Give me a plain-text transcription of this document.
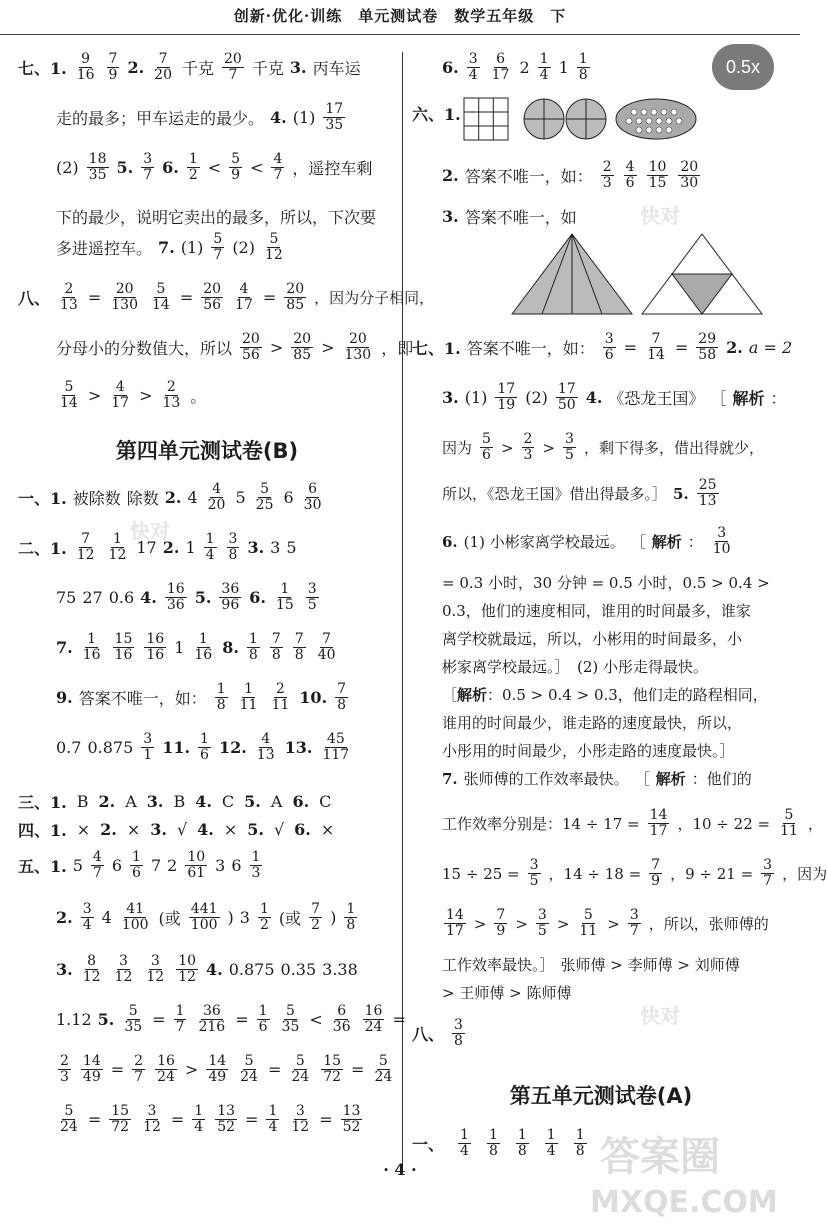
创新·优化·训练　单元测试卷　数学五年级　下
0.5x
快对
快对
快对
答案圈
MXQE.COM
七、1. $\frac{9}{16} \frac{7}{9} 2$. $\frac{7}{20}$ 千克 $\frac{20}{7}$ 千克 3. 丙车运
走的最多；甲车运走的最少。 4. $(1) \frac{17}{35}$
$(2) \frac{18}{35} 5$. $\frac{3}{7} 6$. $\frac{1}{2} < \frac{5}{9} < \frac{4}{7}$ ，遥控车剩
下的最少，说明它卖出的最多，所以，下次要
多进遥控车。 7. $(1) \frac{5}{7} (2) \frac{5}{12}$
八、 $\frac{2}{13} = \frac{20}{130} \frac{5}{14} = \frac{20}{56} \frac{4}{17} = \frac{20}{85}$ ，因为分子相同，
分母小的分数值大，所以 $\frac{20}{56} > \frac{20}{85} > \frac{20}{130}$ ，即
$\frac{5}{14} > \frac{4}{17} > \frac{2}{13}$ 。
第四单元测试卷(B)
一、1. 被除数 除数 2. $4 \frac{4}{20} 5 \frac{5}{25} 6 \frac{6}{30}$
二、1. $\frac{7}{12} \frac{1}{12} 17$ 2. $1 \frac{1}{4} \frac{3}{8} 3$. 3 5
75 27 0.6 4. $\frac{16}{36} 5$. $\frac{36}{96} 6$. $\frac{1}{15} \frac{3}{5}$
7. $\frac{1}{16} \frac{15}{16} \frac{16}{16} 1 \frac{1}{16} 8$. $\frac{1}{8} \frac{7}{8} \frac{7}{8} \frac{7}{40}$
9. 答案不唯一，如： $\frac{1}{8} \frac{1}{11} \frac{2}{11} 10$. $\frac{7}{8}$
0.7 $0.875 \frac{3}{1} 11$. $\frac{1}{6} 12$. $\frac{4}{13} 13$. $\frac{45}{117}$
三、1. B 2. A 3. B 4. C 5. A 6. C
四、1. × 2. × 3. √ 4. × 5. √ 6. ×
五、1. $5 \frac{4}{7} 6 \frac{1}{6} 7$ $2 \frac{10}{61} 3$ $6 \frac{1}{3}$
2. $\frac{3}{4} 4 \frac{41}{100}$ (或 $\frac{441}{100}$ ) $3 \frac{1}{2}$ (或 $\frac{7}{2}$ ) $\frac{1}{8}$
3. $\frac{8}{12} \frac{3}{12} \frac{3}{12} \frac{10}{12} 4$. 0.875 0.35 3.38
1.12 5. $\frac{5}{35} = \frac{1}{7} \frac{36}{216} = \frac{1}{6} \frac{5}{35} < \frac{6}{36} \frac{16}{24}$ =
$\frac{2}{3} \frac{14}{49} = \frac{2}{7} \frac{16}{24} > \frac{14}{49} \frac{5}{24} = \frac{5}{24} \frac{15}{72} = \frac{5}{24}$
$\frac{5}{24} = \frac{15}{72} \frac{3}{12} = \frac{1}{4} \frac{13}{52} = \frac{1}{4} \frac{3}{12} = \frac{13}{52}$
6. $\frac{3}{4} \frac{6}{17} 2 \frac{1}{4} 1 \frac{1}{8}$
六、1.
2. 答案不唯一，如： $\frac{2}{3} \frac{4}{6} \frac{10}{15} \frac{20}{30}$
3. 答案不唯一，如
七、1. 答案不唯一，如： $\frac{3}{6} = \frac{7}{14} = \frac{29}{58} 2$. a = 2
3. $(1) \frac{17}{19} (2) \frac{17}{50} 4$. 《恐龙王国》 ［ 解析 ：
因为 $\frac{5}{6} > \frac{2}{3} > \frac{3}{5}$ ，剩下得多，借出得就少，
所以，《恐龙王国》借出得最多。］ 5. $\frac{25}{13}$
6. (1) 小彬家离学校最远。 ［ 解析 ： $\frac{3}{10}$
= 0.3 小时，30 分钟 = 0.5 小时，0.5 > 0.4 >
0.3，他们的速度相同，谁用的时间最多，谁家
离学校就最远，所以，小彬用的时间最多，小
彬家离学校最远。］　(2) 小彤走得最快。
［ 解析 ：0.5 > 0.4 > 0.3，他们走的路程相同，
谁用的时间最少，谁走路的速度最快，所以，
小彤用的时间最少，小彤走路的速度最快。］
7. 张师傅的工作效率最快。 ［ 解析 ：他们的
工作效率分别是：$14 \div 17 = \frac{14}{17}$ ，$10 \div 22 = \frac{5}{11}$ ，
$15 \div 25 = \frac{3}{5}$ ，$14 \div 18 = \frac{7}{9}$ ，$9 \div 21 = \frac{3}{7}$ ，因为
$\frac{14}{17} > \frac{7}{9} > \frac{3}{5} > \frac{5}{11} > \frac{3}{7}$ ，所以，张师傅的
工作效率最快。］ 张师傅 > 李师傅 > 刘师傅
> 王师傅 > 陈师傅
八、 $\frac{3}{8}$
第五单元测试卷(A)
一、 $\frac{1}{4} \frac{1}{8} \frac{1}{8} \frac{1}{4} \frac{1}{8}$
· 4 ·
